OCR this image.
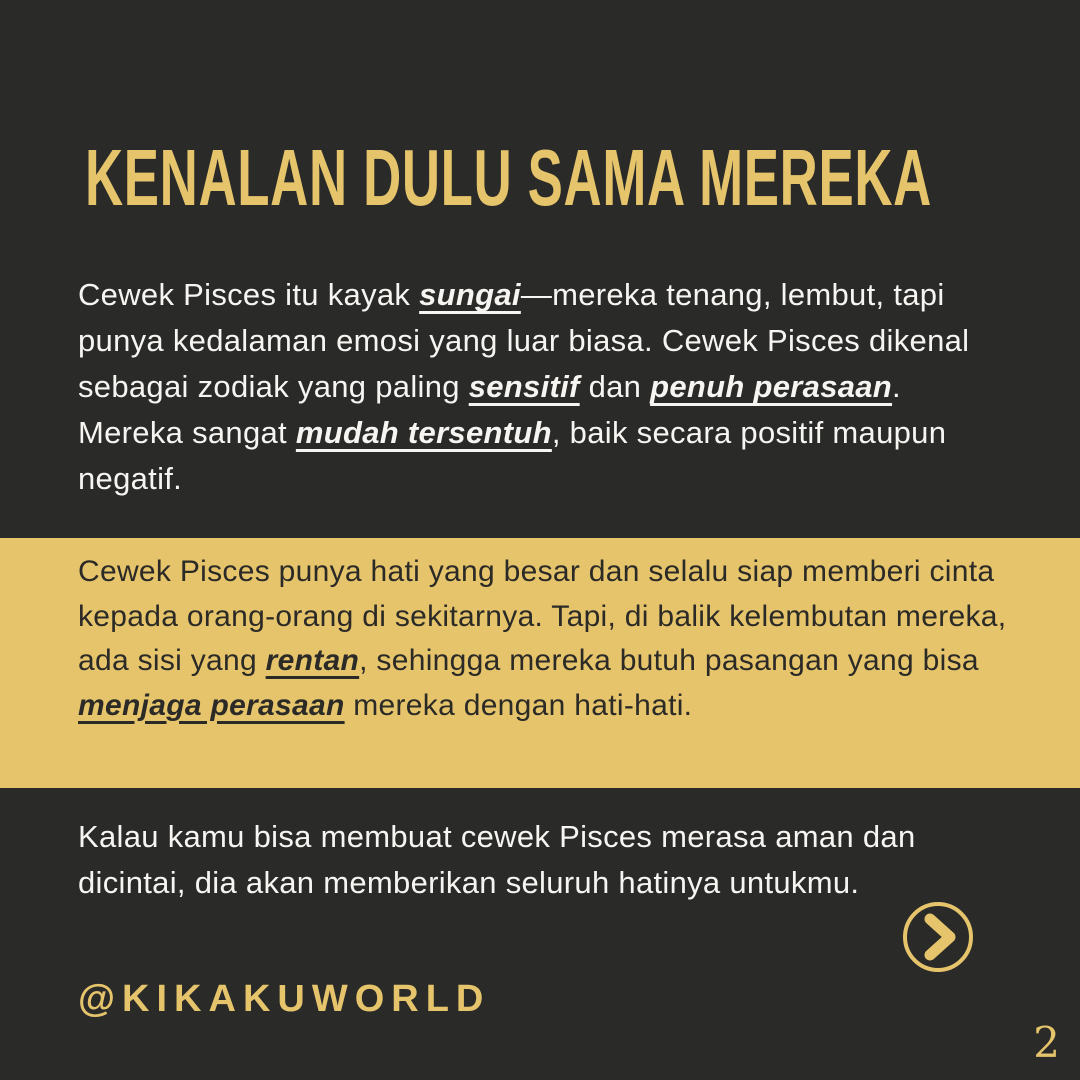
KENALAN DULU SAMA MEREKA

Cewek Pisces itu kayak sungai—mereka tenang, lembut, tapi punya kedalaman emosi yang luar biasa. Cewek Pisces dikenal sebagai zodiak yang paling sensitif dan penuh perasaan. Mereka sangat mudah tersentuh, baik secara positif maupun negatif.

Cewek Pisces punya hati yang besar dan selalu siap memberi cinta kepada orang-orang di sekitarnya. Tapi, di balik kelembutan mereka, ada sisi yang rentan, sehingga mereka butuh pasangan yang bisa menjaga perasaan mereka dengan hati-hati.

Kalau kamu bisa membuat cewek Pisces merasa aman dan dicintai, dia akan memberikan seluruh hatinya untukmu.

@KIKAKUWORLD

2
